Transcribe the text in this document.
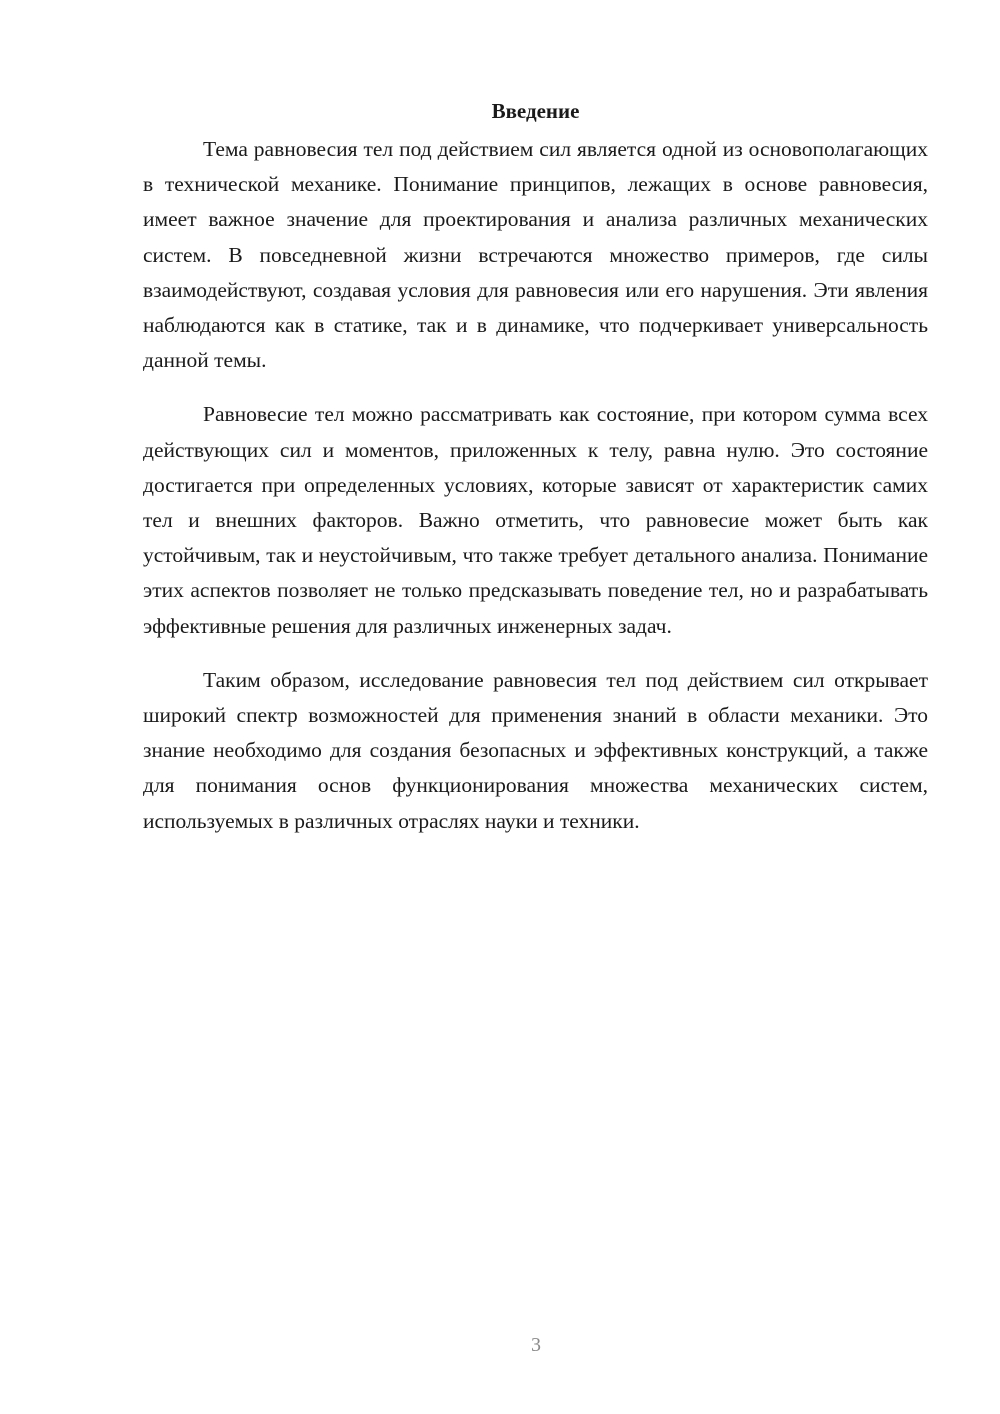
Введение

Тема равновесия тел под действием сил является одной из основополагающих в технической механике. Понимание принципов, лежащих в основе равновесия, имеет важное значение для проектирования и анализа различных механических систем. В повседневной жизни встречаются множество примеров, где силы взаимодействуют, создавая условия для равновесия или его нарушения. Эти явления наблюдаются как в статике, так и в динамике, что подчеркивает универсальность данной темы.

Равновесие тел можно рассматривать как состояние, при котором сумма всех действующих сил и моментов, приложенных к телу, равна нулю. Это состояние достигается при определенных условиях, которые зависят от характеристик самих тел и внешних факторов. Важно отметить, что равновесие может быть как устойчивым, так и неустойчивым, что также требует детального анализа. Понимание этих аспектов позволяет не только предсказывать поведение тел, но и разрабатывать эффективные решения для различных инженерных задач.

Таким образом, исследование равновесия тел под действием сил открывает широкий спектр возможностей для применения знаний в области механики. Это знание необходимо для создания безопасных и эффективных конструкций, а также для понимания основ функционирования множества механических систем, используемых в различных отраслях науки и техники.

3
